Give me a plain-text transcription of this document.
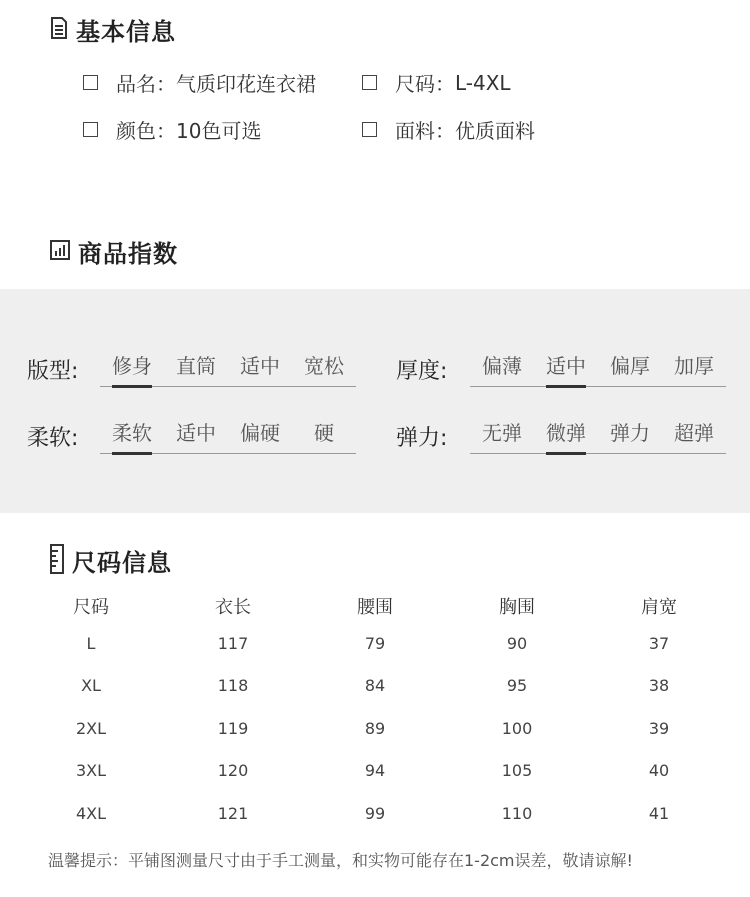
基本信息
品名： 气质印花连衣裙	尺码： L-4XL
颜色： 10色可选	面料： 优质面料
商品指数
版型:	修身	直筒	适中	宽松	厚度:	偏薄	适中	偏厚	加厚
柔软:	柔软	适中	偏硬	硬	弹力:	无弹	微弹	弹力	超弹
尺码信息
尺码	衣长	腰围	胸围	肩宽
L	117	79	90	37
XL	118	84	95	38
2XL	119	89	100	39
3XL	120	94	105	40
4XL	121	99	110	41
温馨提示：平铺图测量尺寸由于手工测量，和实物可能存在1-2cm误差，敬请谅解!
